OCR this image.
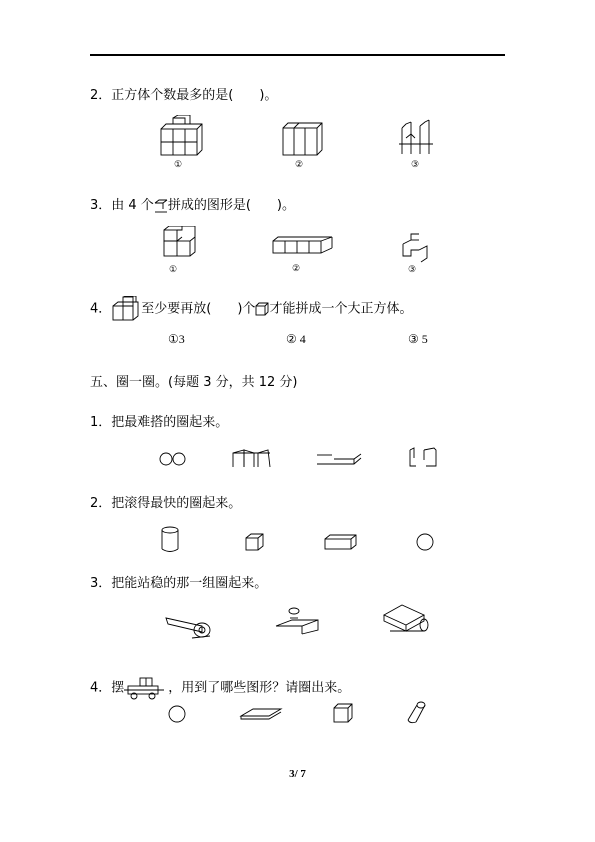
2．正方体个数最多的是(　　)。
①	②	③
3．由 4 个 拼成的图形是(　　)。
①	②	③
4． 至少要再放(　　)个 才能拼成一个大正方体。
①3	② 4	③ 5
五、圈一圈。(每题 3 分，共 12 分)
1．把最难搭的圈起来。
2．把滚得最快的圈起来。
3．把能站稳的那一组圈起来。
4．摆	，用到了哪些图形？请圈出来。
3/ 7
